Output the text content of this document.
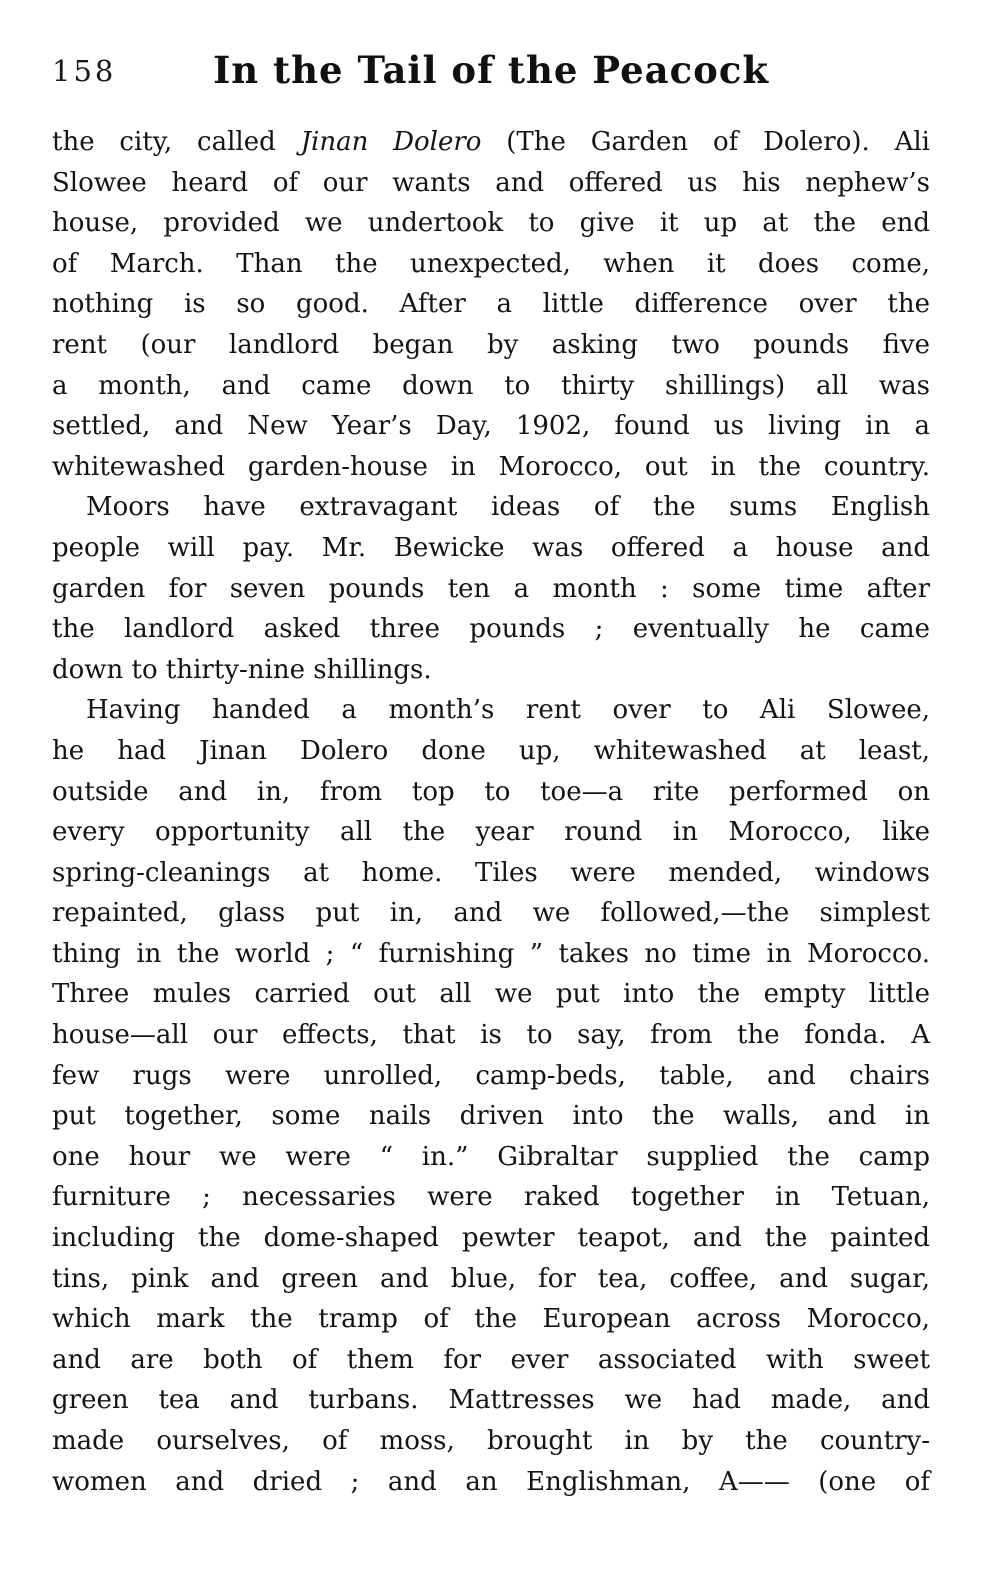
158	In the Tail of the Peacock
the city, called Jinan Dolero (The Garden of Dolero). Ali
Slowee heard of our wants and offered us his nephew’s
house, provided we undertook to give it up at the end
of March. Than the unexpected, when it does come,
nothing is so good. After a little difference over the
rent (our landlord began by asking two pounds five
a month, and came down to thirty shillings) all was
settled, and New Year’s Day, 1902, found us living in a
whitewashed garden-house in Morocco, out in the country.
Moors have extravagant ideas of the sums English
people will pay. Mr. Bewicke was offered a house and
garden for seven pounds ten a month : some time after
the landlord asked three pounds ; eventually he came
down to thirty-nine shillings.
Having handed a month’s rent over to Ali Slowee,
he had Jinan Dolero done up, whitewashed at least,
outside and in, from top to toe—a rite performed on
every opportunity all the year round in Morocco, like
spring-cleanings at home. Tiles were mended, windows
repainted, glass put in, and we followed,—the simplest
thing in the world ; “ furnishing ” takes no time in Morocco.
Three mules carried out all we put into the empty little
house—all our effects, that is to say, from the fonda. A
few rugs were unrolled, camp-beds, table, and chairs
put together, some nails driven into the walls, and in
one hour we were “ in.” Gibraltar supplied the camp
furniture ; necessaries were raked together in Tetuan,
including the dome-shaped pewter teapot, and the painted
tins, pink and green and blue, for tea, coffee, and sugar,
which mark the tramp of the European across Morocco,
and are both of them for ever associated with sweet
green tea and turbans. Mattresses we had made, and
made ourselves, of moss, brought in by the country-
women and dried ; and an Englishman, A—— (one of
